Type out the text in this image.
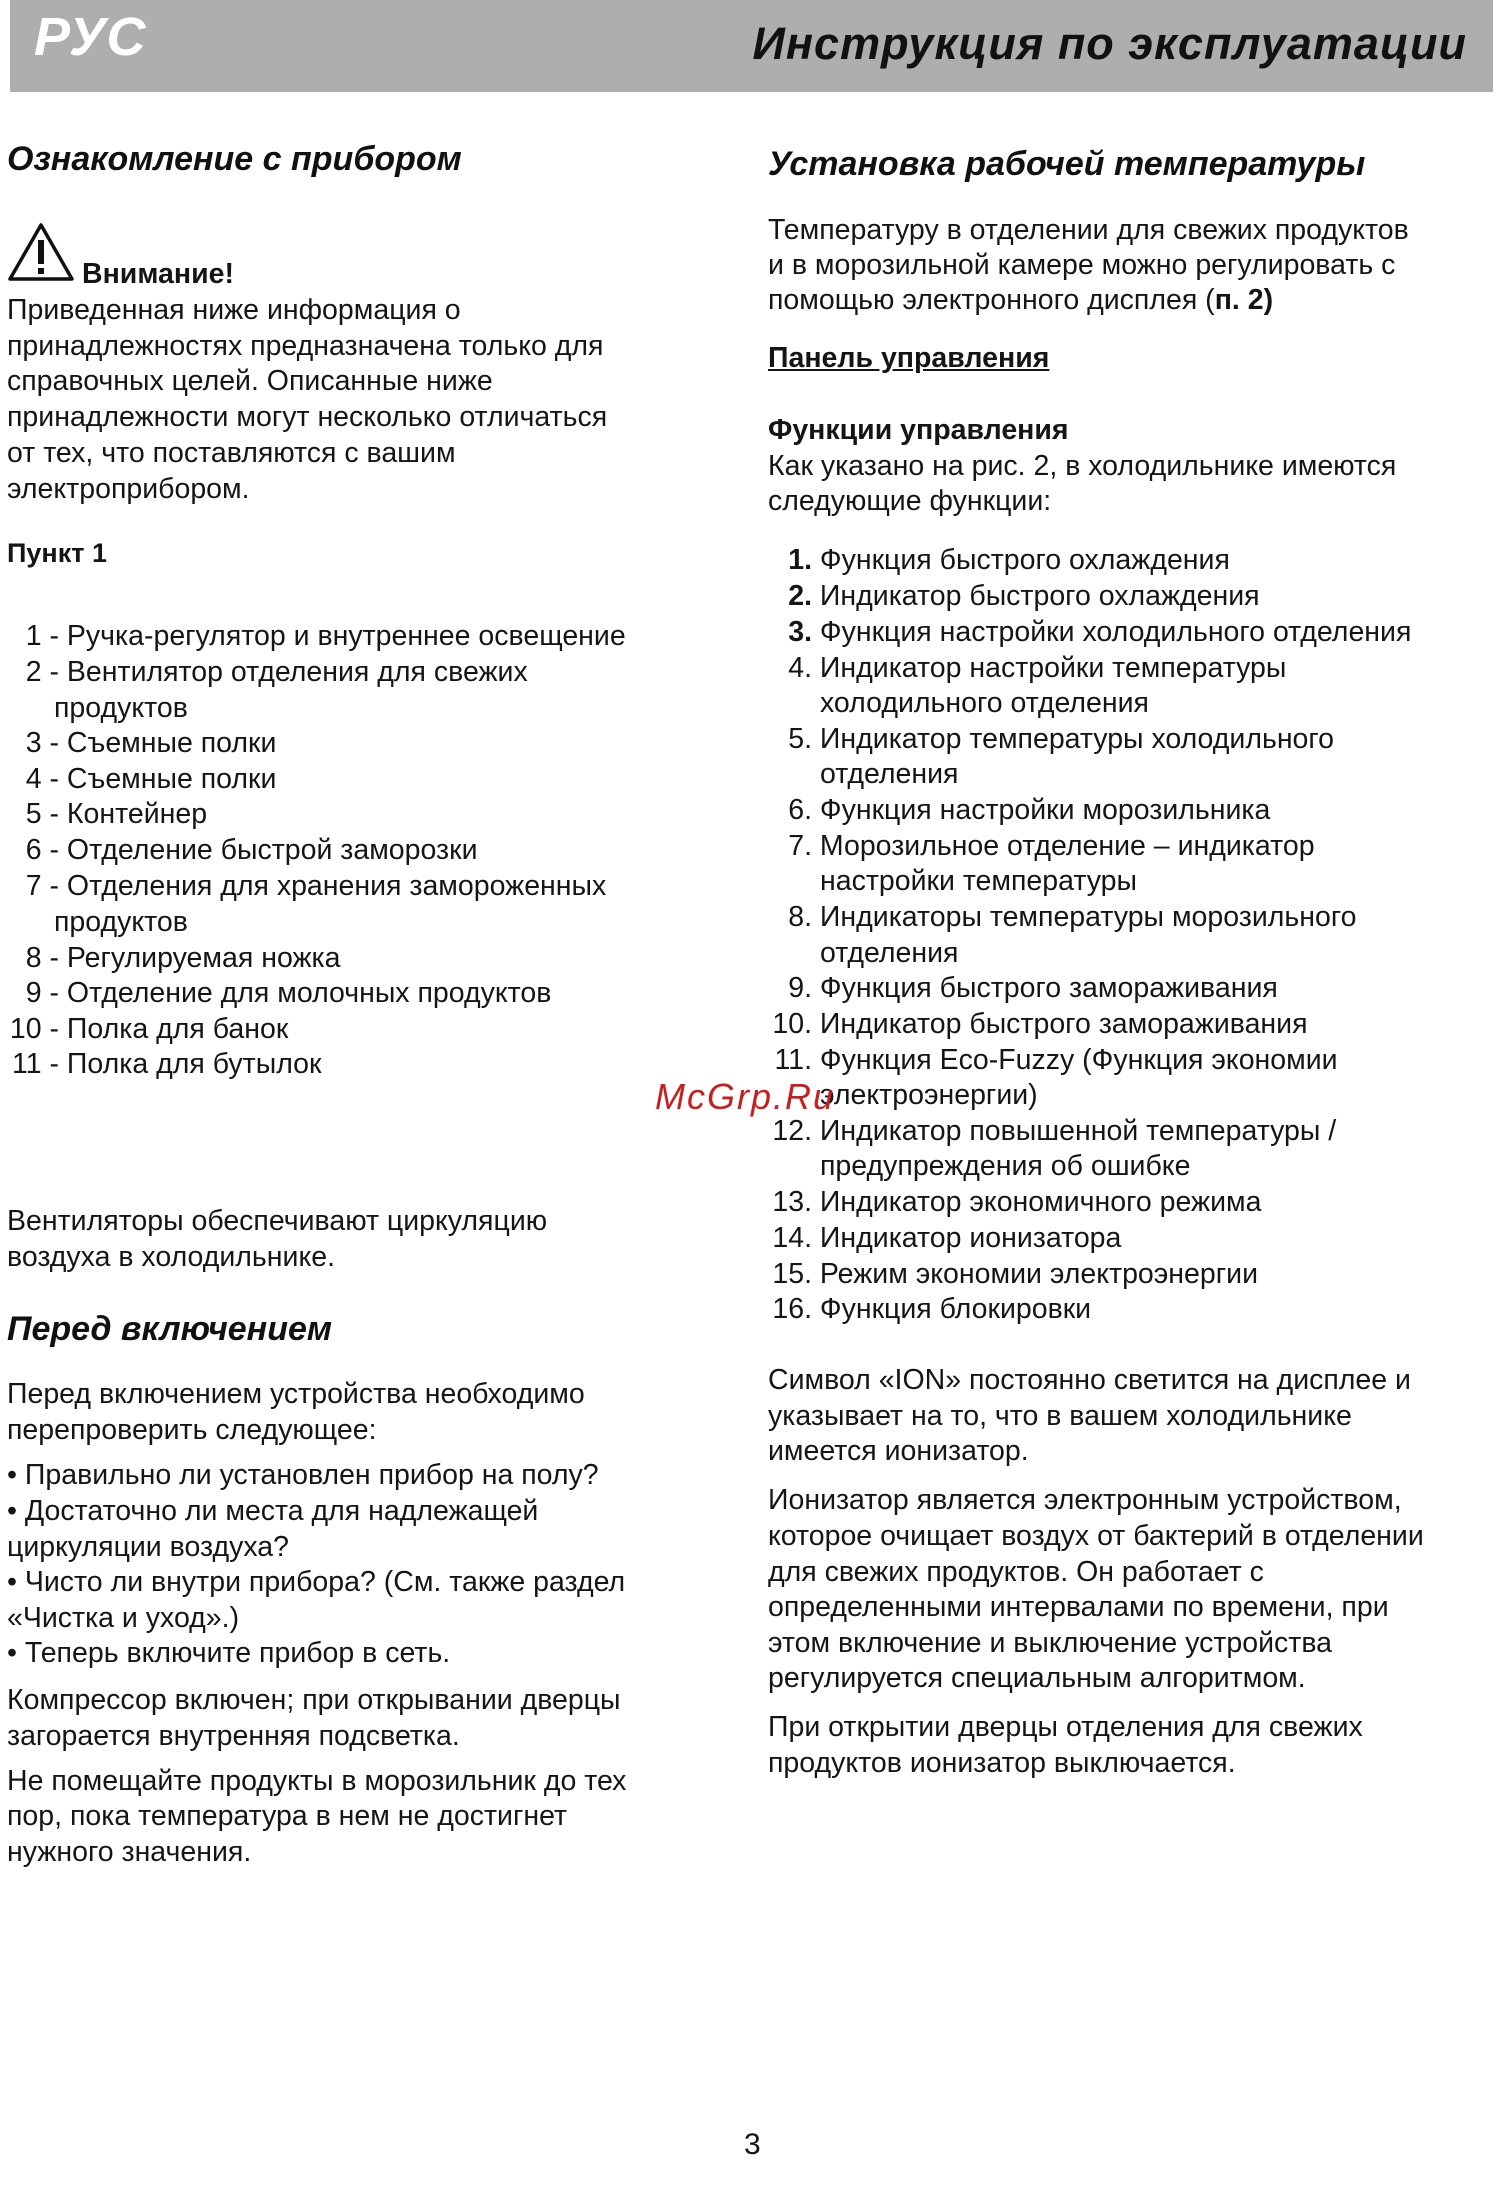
РУС	Инструкция по эксплуатации
Ознакомление с прибором
Внимание!
Приведенная ниже информация о
принадлежностях предназначена только для
справочных целей. Описанные ниже
принадлежности могут несколько отличаться
от тех, что поставляются с вашим
электроприбором.
Пункт 1
1 - Ручка-регулятор и внутреннее освещение
2 - Вентилятор отделения для свежих
продуктов
3 - Съемные полки
4 - Съемные полки
5 - Контейнер
6 - Отделение быстрой заморозки
7 - Отделения для хранения замороженных
продуктов
8 - Регулируемая ножка
9 - Отделение для молочных продуктов
10 - Полка для банок
11 - Полка для бутылок
Вентиляторы обеспечивают циркуляцию
воздуха в холодильнике.
Перед включением
Перед включением устройства необходимо
перепроверить следующее:
• Правильно ли установлен прибор на полу?
• Достаточно ли места для надлежащей
циркуляции воздуха?
• Чисто ли внутри прибора? (См. также раздел
«Чистка и уход».)
• Теперь включите прибор в сеть.
Компрессор включен; при открывании дверцы
загорается внутренняя подсветка.
Не помещайте продукты в морозильник до тех
пор, пока температура в нем не достигнет
нужного значения.
Установка рабочей температуры
Температуру в отделении для свежих продуктов
и в морозильной камере можно регулировать с
помощью электронного дисплея (п. 2)
Панель управления
Функции управления
Как указано на рис. 2, в холодильнике имеются
следующие функции:
1. Функция быстрого охлаждения
2. Индикатор быстрого охлаждения
3. Функция настройки холодильного отделения
4. Индикатор настройки температуры
холодильного отделения
5. Индикатор температуры холодильного
отделения
6. Функция настройки морозильника
7. Морозильное отделение – индикатор
настройки температуры
8. Индикаторы температуры морозильного
отделения
9. Функция быстрого замораживания
10. Индикатор быстрого замораживания
11. Функция Eco-Fuzzy (Функция экономии
электроэнергии)
12. Индикатор повышенной температуры /
предупреждения об ошибке
13. Индикатор экономичного режима
14. Индикатор ионизатора
15. Режим экономии электроэнергии
16. Функция блокировки
Символ «ION» постоянно светится на дисплее и
указывает на то, что в вашем холодильнике
имеется ионизатор.
Ионизатор является электронным устройством,
которое очищает воздух от бактерий в отделении
для свежих продуктов. Он работает с
определенными интервалами по времени, при
этом включение и выключение устройства
регулируется специальным алгоритмом.
При открытии дверцы отделения для свежих
продуктов ионизатор выключается.
McGrp.Ru
3
